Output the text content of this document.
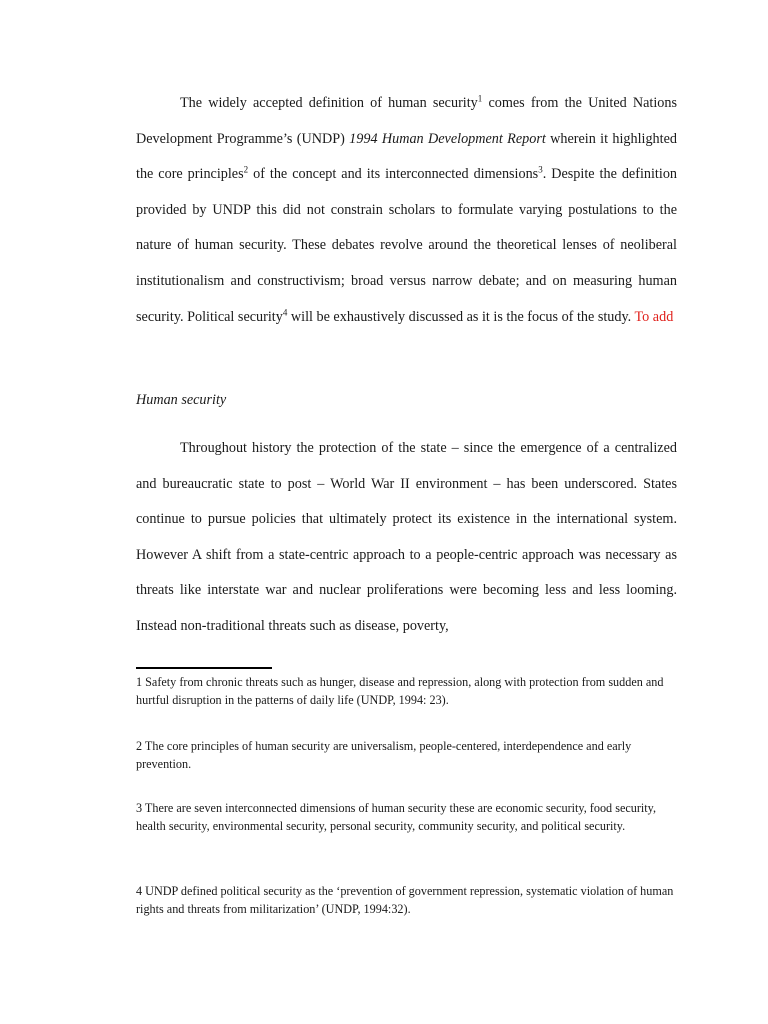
The widely accepted definition of human security$^1$ comes from the United Nations Development Programme’s (UNDP) 1994 Human Development Report wherein it highlighted the core principles$^2$ of the concept and its interconnected dimensions$^3$. Despite the definition provided by UNDP this did not constrain scholars to formulate varying postulations to the nature of human security. These debates revolve around the theoretical lenses of neoliberal institutionalism and constructivism; broad versus narrow debate; and on measuring human security. Political security$^4$ will be exhaustively discussed as it is the focus of the study. To add

Human security

Throughout history the protection of the state – since the emergence of a centralized and bureaucratic state to post – World War II environment – has been underscored. States continue to pursue policies that ultimately protect its existence in the international system. However A shift from a state-centric approach to a people-centric approach was necessary as threats like interstate war and nuclear proliferations were becoming less and less looming. Instead non-traditional threats such as disease, poverty,

1 Safety from chronic threats such as hunger, disease and repression, along with protection from sudden and hurtful disruption in the patterns of daily life (UNDP, 1994: 23).

2 The core principles of human security are universalism, people-centered, interdependence and early prevention.

3 There are seven interconnected dimensions of human security these are economic security, food security, health security, environmental security, personal security, community security, and political security.

4 UNDP defined political security as the ‘prevention of government repression, systematic violation of human rights and threats from militarization’ (UNDP, 1994:32).
